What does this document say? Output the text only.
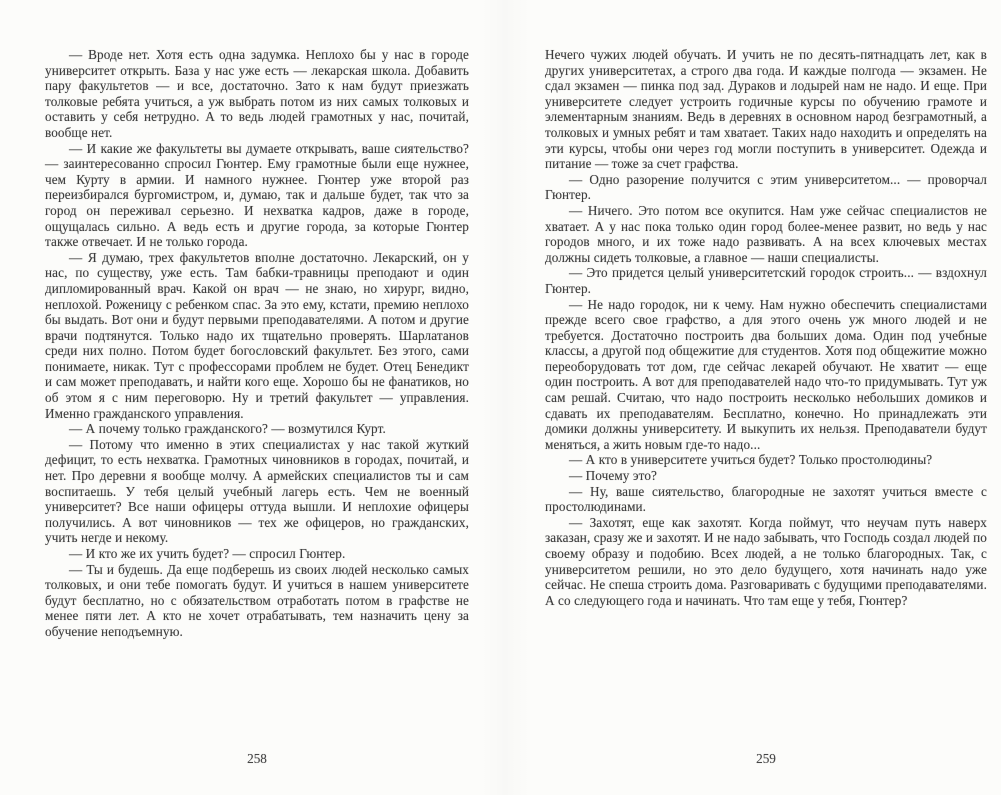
— Вроде нет. Хотя есть одна задумка. Неплохо бы у нас в городе университет открыть. База у нас уже есть — лекарская школа. Добавить пару факультетов — и все, достаточно. Зато к нам будут приезжать толковые ребята учиться, а уж выбрать потом из них самых толковых и оставить у себя нетрудно. А то ведь людей грамотных у нас, почитай, вообще нет.

— И какие же факультеты вы думаете открывать, ваше сиятельство? — заинтересованно спросил Гюнтер. Ему грамотные были еще нужнее, чем Курту в армии. И намного нужнее. Гюнтер уже второй раз переизбирался бургомистром, и, думаю, так и дальше будет, так что за город он переживал серьезно. И нехватка кадров, даже в городе, ощущалась сильно. А ведь есть и другие города, за которые Гюнтер также отвечает. И не только города.

— Я думаю, трех факультетов вполне достаточно. Лекарский, он у нас, по существу, уже есть. Там бабки-травницы преподают и один дипломированный врач. Какой он врач — не знаю, но хирург, видно, неплохой. Роженицу с ребенком спас. За это ему, кстати, премию неплохо бы выдать. Вот они и будут первыми преподавателями. А потом и другие врачи подтянутся. Только надо их тщательно проверять. Шарлатанов среди них полно. Потом будет богословский факультет. Без этого, сами понимаете, никак. Тут с профессорами проблем не будет. Отец Бенедикт и сам может преподавать, и найти кого еще. Хорошо бы не фанатиков, но об этом я с ним переговорю. Ну и третий факультет — управления. Именно гражданского управления.

— А почему только гражданского? — возмутился Курт.

— Потому что именно в этих специалистах у нас такой жуткий дефицит, то есть нехватка. Грамотных чиновников в городах, почитай, и нет. Про деревни я вообще молчу. А армейских специалистов ты и сам воспитаешь. У тебя целый учебный лагерь есть. Чем не военный университет? Все наши офицеры оттуда вышли. И неплохие офицеры получились. А вот чиновников — тех же офицеров, но гражданских, учить негде и некому.

— И кто же их учить будет? — спросил Гюнтер.

— Ты и будешь. Да еще подберешь из своих людей несколько самых толковых, и они тебе помогать будут. И учиться в нашем университете будут бесплатно, но с обязательством отработать потом в графстве не менее пяти лет. А кто не хочет отрабатывать, тем назначить цену за обучение неподъемную.

258

Нечего чужих людей обучать. И учить не по десять-пятнадцать лет, как в других университетах, а строго два года. И каждые полгода — экзамен. Не сдал экзамен — пинка под зад. Дураков и лодырей нам не надо. И еще. При университете следует устроить годичные курсы по обучению грамоте и элементарным знаниям. Ведь в деревнях в основном народ безграмотный, а толковых и умных ребят и там хватает. Таких надо находить и определять на эти курсы, чтобы они через год могли поступить в университет. Одежда и питание — тоже за счет графства.

— Одно разорение получится с этим университетом... — проворчал Гюнтер.

— Ничего. Это потом все окупится. Нам уже сейчас специалистов не хватает. А у нас пока только один город более-менее развит, но ведь у нас городов много, и их тоже надо развивать. А на всех ключевых местах должны сидеть толковые, а главное — наши специалисты.

— Это придется целый университетский городок строить... — вздохнул Гюнтер.

— Не надо городок, ни к чему. Нам нужно обеспечить специалистами прежде всего свое графство, а для этого очень уж много людей и не требуется. Достаточно построить два больших дома. Один под учебные классы, а другой под общежитие для студентов. Хотя под общежитие можно переоборудовать тот дом, где сейчас лекарей обучают. Не хватит — еще один построить. А вот для преподавателей надо что-то придумывать. Тут уж сам решай. Считаю, что надо построить несколько небольших домиков и сдавать их преподавателям. Бесплатно, конечно. Но принадлежать эти домики должны университету. И выкупить их нельзя. Преподаватели будут меняться, а жить новым где-то надо...

— А кто в университете учиться будет? Только простолюдины?

— Почему это?

— Ну, ваше сиятельство, благородные не захотят учиться вместе с простолюдинами.

— Захотят, еще как захотят. Когда поймут, что неучам путь наверх заказан, сразу же и захотят. И не надо забывать, что Господь создал людей по своему образу и подобию. Всех людей, а не только благородных. Так, с университетом решили, но это дело будущего, хотя начинать надо уже сейчас. Не спеша строить дома. Разговаривать с будущими преподавателями. А со следующего года и начинать. Что там еще у тебя, Гюнтер?

259
